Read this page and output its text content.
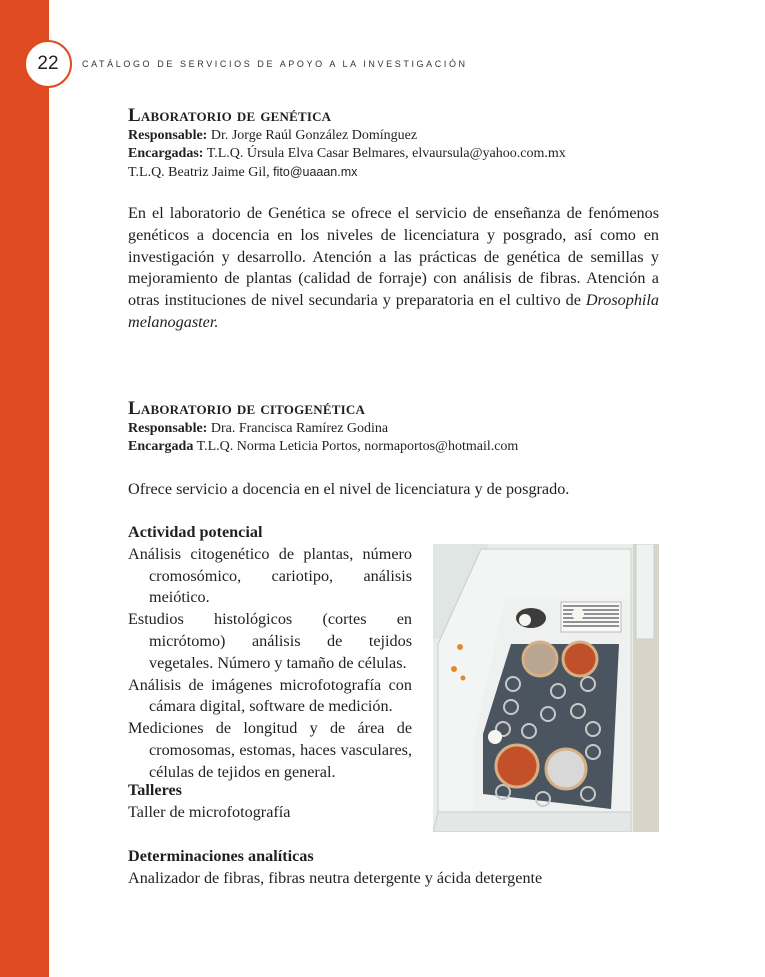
22	CATÁLOGO DE SERVICIOS DE APOYO A LA INVESTIGACIÓN
Laboratorio de genética
Responsable: Dr. Jorge Raúl González Domínguez
Encargadas: T.L.Q. Úrsula Elva Casar Belmares, elvaursula@yahoo.com.mx
T.L.Q. Beatriz Jaime Gil, fito@uaaan.mx

En el laboratorio de Genética se ofrece el servicio de enseñanza de fenómenos genéticos a docencia en los niveles de licenciatura y posgrado, así como en investigación y desarrollo. Atención a las prácticas de genética de semillas y mejoramiento de plantas (calidad de forraje) con análisis de fibras. Atención a otras instituciones de nivel secundaria y preparatoria en el cultivo de Drosophila melanogaster.

Laboratorio de citogenética
Responsable: Dra. Francisca Ramírez Godina
Encargada T.L.Q. Norma Leticia Portos, normaportos@hotmail.com

Ofrece servicio a docencia en el nivel de licenciatura y de posgrado.

Actividad potencial
Análisis citogenético de plantas, número cromosómico, cariotipo, análisis meiótico.
Estudios histológicos (cortes en micrótomo) análisis de tejidos vegetales. Número y tamaño de células.
Análisis de imágenes microfotografía con cámara digital, software de medición.
Mediciones de longitud y de área de cromosomas, estomas, haces vasculares, células de tejidos en general.
Talleres

Taller de microfotografía

Determinaciones analíticas

Analizador de fibras, fibras neutra detergente y ácida detergente
